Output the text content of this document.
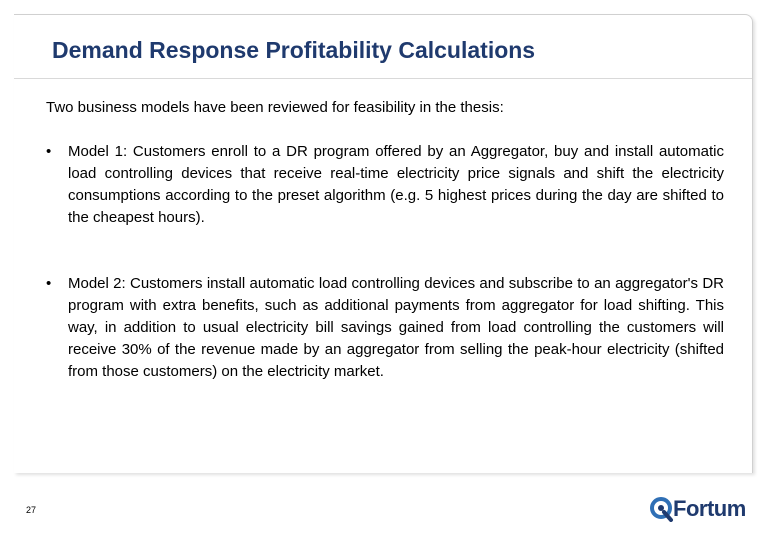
Demand Response Profitability Calculations

Two business models have been reviewed for feasibility in the thesis:

• Model 1: Customers enroll to a DR program offered by an Aggregator, buy and install automatic load controlling devices that receive real-time electricity price signals and shift the electricity consumptions according to the preset algorithm (e.g. 5 highest prices during the day are shifted to the cheapest hours).
• Model 2: Customers install automatic load controlling devices and subscribe to an aggregator's DR program with extra benefits, such as additional payments from aggregator for load shifting. This way, in addition to usual electricity bill savings gained from load controlling the customers will receive 30% of the revenue made by an aggregator from selling the peak-hour electricity (shifted from those customers) on the electricity market.
27	Fortum
